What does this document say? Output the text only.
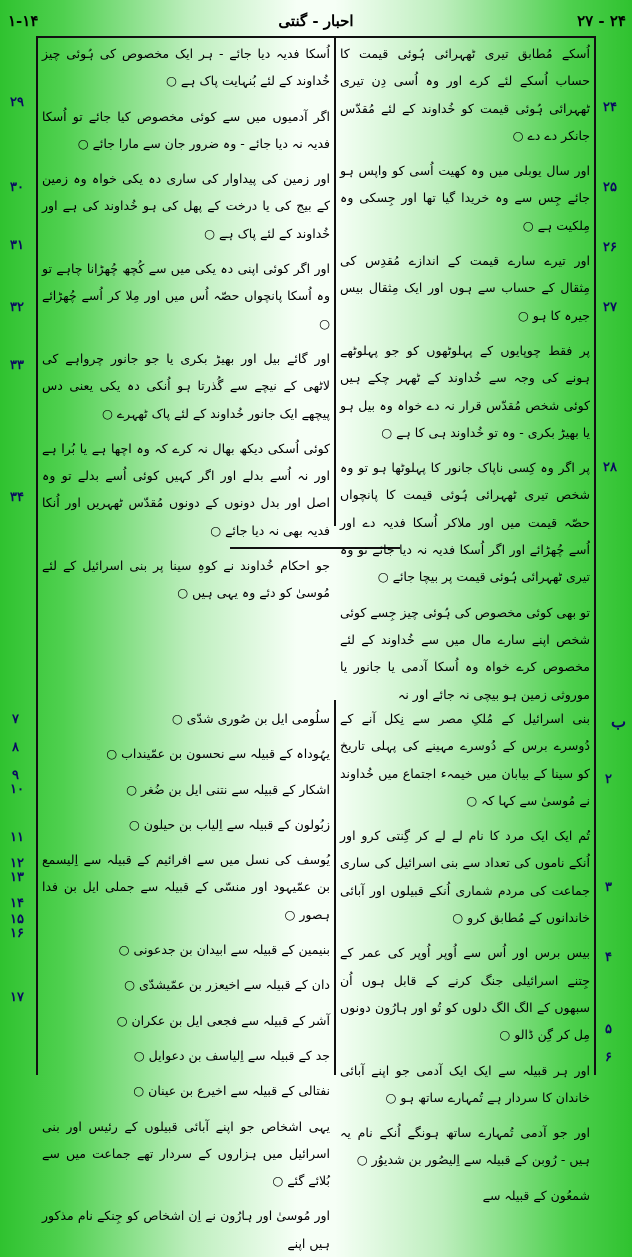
۱-۱۴	احبار - گنتی	۲۷ - ۲۴

اُسکے مُطابق تیری ٹھہرائی ہُوئی قیمت کا حساب اُسکے لئے کرے اور وہ اُسی دِن تیری ٹھہرائی ہُوئی قیمت کو خُداوند کے لئے مُقدّس جانکر دے دے ○

اور سال یوبلی میں وہ کھیت اُسی کو واپس ہو جائے جِس سے وہ خریدا گیا تھا اور جِسکی وہ مِلکیت ہے ○

اور تیرے سارے قیمت کے اندازے مُقدِس کی مِثقال کے حساب سے ہوں اور ایک مِثقال بیس جیرہ کا ہو ○

پر فقط چوپایوں کے پہلوٹھوں کو جو پہلوٹھے ہونے کی وجہ سے خُداوند کے ٹھہر چکے ہیں کوئی شخص مُقدّس قرار نہ دے خواہ وہ بیل ہو یا بھیڑ بکری - وہ تو خُداوند ہی کا ہے ○

پر اگر وہ کِسی ناپاک جانور کا پہلوٹھا ہو تو وہ شخص تیری ٹھہرائی ہُوئی قیمت کا پانچواں حصّہ قیمت میں اور ملاکر اُسکا فدیہ دے اور اُسے چُھڑائے اور اگر اُسکا فدیہ نہ دیا جائے تو وہ تیری ٹھہرائی ہُوئی قیمت پر بیچا جائے ○

تو بھی کوئی مخصوص کی ہُوئی چیز جِسے کوئی شخص اپنے سارے مال میں سے خُداوند کے لئے مخصوص کرے خواہ وہ اُسکا آدمی یا جانور یا موروثی زمین ہو بیچی نہ جائے اور نہ

اُسکا فدیہ دیا جائے - ہر ایک مخصوص کی ہُوئی چیز خُداوند کے لئے بُنہایت پاک ہے ○

اگر آدمیوں میں سے کوئی مخصوص کیا جائے تو اُسکا فدیہ نہ دیا جائے - وہ ضرور جان سے مارا جائے ○

اور زمین کی پیداوار کی ساری دہ یکی خواہ وہ زمین کے بیج کی یا درخت کے پھل کی ہو خُداوند کی ہے اور خُداوند کے لئے پاک ہے ○

اور اگر کوئی اپنی دہ یکی میں سے کُچھ چُھڑانا چاہے تو وہ اُسکا پانچواں حصّہ اُس میں اور مِلا کر اُسے چُھڑائے ○

اور گائے بیل اور بھیڑ بکری یا جو جانور چرواہے کی لاٹھی کے نیچے سے گُذرتا ہو اُنکی دہ یکی یعنی دس پیچھے ایک جانور خُداوند کے لئے پاک ٹھہرے ○

کوئی اُسکی دیکھ بھال نہ کرے کہ وہ اچھا ہے یا بُرا ہے اور نہ اُسے بدلے اور اگر کہیں کوئی اُسے بدلے تو وہ اصل اور بدل دونوں کے دونوں مُقدّس ٹھہریں اور اُنکا فدیہ بھی نہ دیا جائے ○

جو احکام خُداوند نے کوہِ سینا پر بنی اسرائیل کے لئے مُوسیٰ کو دئے وہ یہی ہیں ○

۲۴
۲۵
۲۶
۲۷
۲۸
۲۹
۳۰
۳۱
۳۲
۳۳
۳۴
ب

بنی اسرائیل کے مُلکِ مصر سے نِکل آنے کے دُوسرے برس کے دُوسرے مہینے کی پہلی تاریخ کو سینا کے بیابان میں خیمہء اجتماع میں خُداوند نے مُوسیٰ سے کہا کہ ○

تُم ایک ایک مرد کا نام لے لے کر گِنتی کرو اور اُنکے ناموں کی تعداد سے بنی اسرائیل کی ساری جماعت کی مردم شماری اُنکے قبیلوں اور آبائی خاندانوں کے مُطابق کرو ○

بیس برس اور اُس سے اُوپر اُوپر کی عمر کے جِتنے اسرائیلی جنگ کرنے کے قابل ہوں اُن سبھوں کے الگ الگ دلوں کو تُو اور ہارُون دونوں مِل کر گِن ڈالو ○

اور ہر قبیلہ سے ایک ایک آدمی جو اپنے آبائی خاندان کا سردار ہے تُمہارے ساتھ ہو ○

اور جو آدمی تُمہارے ساتھ ہونگے اُنکے نام یہ ہیں - رُوبن کے قبیلہ سے اِلیصُور بن شدیوُر ○

شمعُون کے قبیلہ سے

سلُومی ایل بن صُوری شدّی ○

یہُوداہ کے قبیلہ سے نحسون بن عمّینداب ○

اشکار کے قبیلہ سے نتنی ایل بن ضُغر ○

زبُولون کے قبیلہ سے اِلیاب بن حیلون ○

یُوسف کی نسل میں سے افرائیم کے قبیلہ سے اِلیسمع بن عمّیہود اور منسّی کے قبیلہ سے جملی ایل بن فدا ہصور ○

بنیمین کے قبیلہ سے ابیدان بن جدعونی ○

دان کے قبیلہ سے اخیعزر بن عمّیشدّی ○

آشر کے قبیلہ سے فجعی ایل بن عکران ○

جد کے قبیلہ سے اِلیاسف بن دعوایل ○

نفتالی کے قبیلہ سے اخیرع بن عینان ○

یہی اشخاص جو اپنے آبائی قبیلوں کے رئیس اور بنی اسرائیل میں ہزاروں کے سردار تھے جماعت میں سے بُلائے گئے ○

اور مُوسیٰ اور ہارُون نے اِن اشخاص کو جِنکے نام مذکور ہیں اپنے

۲
۳
۴
۵
۶
۷
۸
۹
۱۰
۱۱
۱۲
۱۳
۱۴
۱۵
۱۶
۱۷
